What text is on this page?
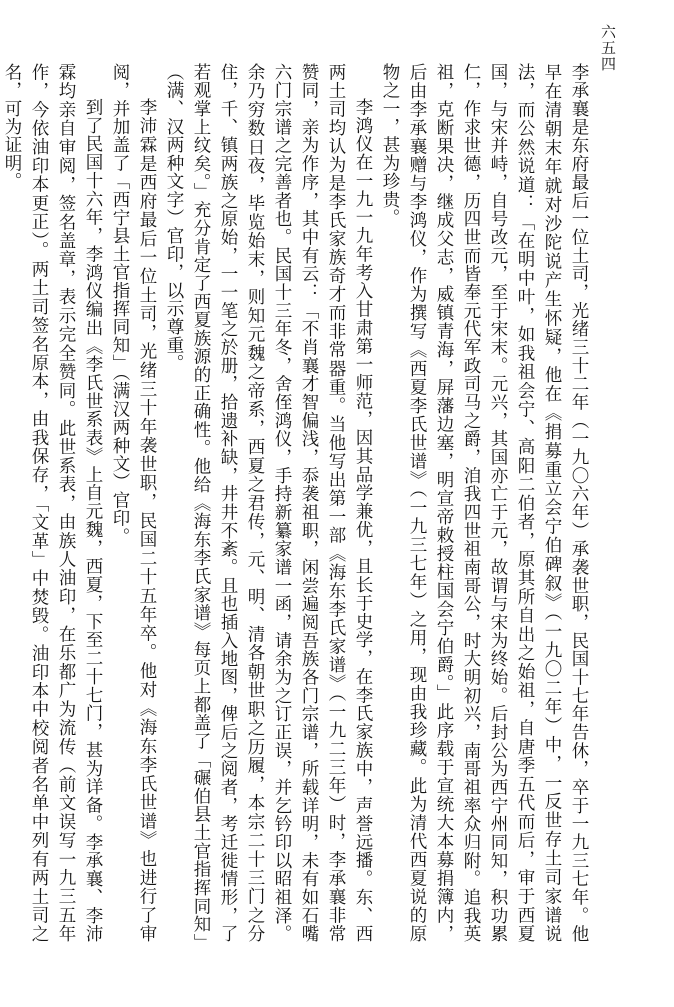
六五四

李承襄是东府最后一位土司，光绪三十二年（一九〇六年）承袭世职，民国十七年告休，卒于一九三七年。他早在清朝末年就对沙陀说产生怀疑，他在《捐募重立会宁伯碑叙》（一九〇二年）中，一反世存土司家谱说法，而公然说道：「在明中叶，如我祖会宁、高阳二伯者，原其所自出之始祖，自唐季五代而后，审于西夏国，与宋并峙，自号改元，至于宋末。元兴，其国亦亡于元，故谓与宋为终始。后封公为西宁州同知，积功累仁，作求世德，历四世而皆奉元代军政司马之爵，洎我四世祖南哥公，时大明初兴，南哥祖率众归附。追我英祖，克断果决，继成父志，威镇青海，屏藩边塞，明宣帝敕授柱国会宁伯爵。」此序载于宣统大本募捐簿内，后由李承襄赠与李鸿仪，作为撰写《西夏李氏世谱》（一九三七年）之用，现由我珍藏。此为清代西夏说的原物之一，甚为珍贵。

李鸿仪在一九一九年考入甘肃第一师范，因其品学兼优，且长于史学，在李氏家族中，声誉远播。东、西两土司均认为是李氏家族奇才而非常器重。当他写出第一部《海东李氏家谱》（一九二三年）时，李承襄非常赞同，亲为作序，其中有云：「不肖襄才智偏浅，忝袭祖职，闲尝遍阅吾族各门宗谱，所载详明，未有如石嘴六门宗谱之完善者也。民国十三年冬，舍侄鸿仪，手持新纂家谱一函，请余为之订正误，并乞钤印以昭祖泽。余乃穷数日夜，毕览始末，则知元魏之帝系，西夏之君传，元、明、清各朝世职之历履，本宗二十三门之分住，千、镇两族之原始，一一笔之於册，拾遗补缺，井井不紊。且也插入地图，俾后之阅者，考迁徙情形，了若观掌上纹矣。」充分肯定了西夏族源的正确性。他给《海东李氏家谱》每页上都盖了「碾伯县土官指挥同知」（满、汉两种文字）官印，以示尊重。

李沛霖是西府最后一位土司，光绪三十年袭世职，民国二十五年卒。他对《海东李氏世谱》也进行了审阅，并加盖了「西宁县土官指挥同知」（满汉两种文）官印。

到了民国十六年，李鸿仪编出《李氏世系表》上自元魏，西夏，下至二十七门，甚为详备。李承襄、李沛霖均亲自审阅，签名盖章，表示完全赞同。此世系表，由族人油印，在乐都广为流传（前文误写一九三五年作，今依油印本更正）。两土司签名原本，由我保存，「文革」中焚毁。油印本中校阅者名单中列有两土司之名，可为证明。
